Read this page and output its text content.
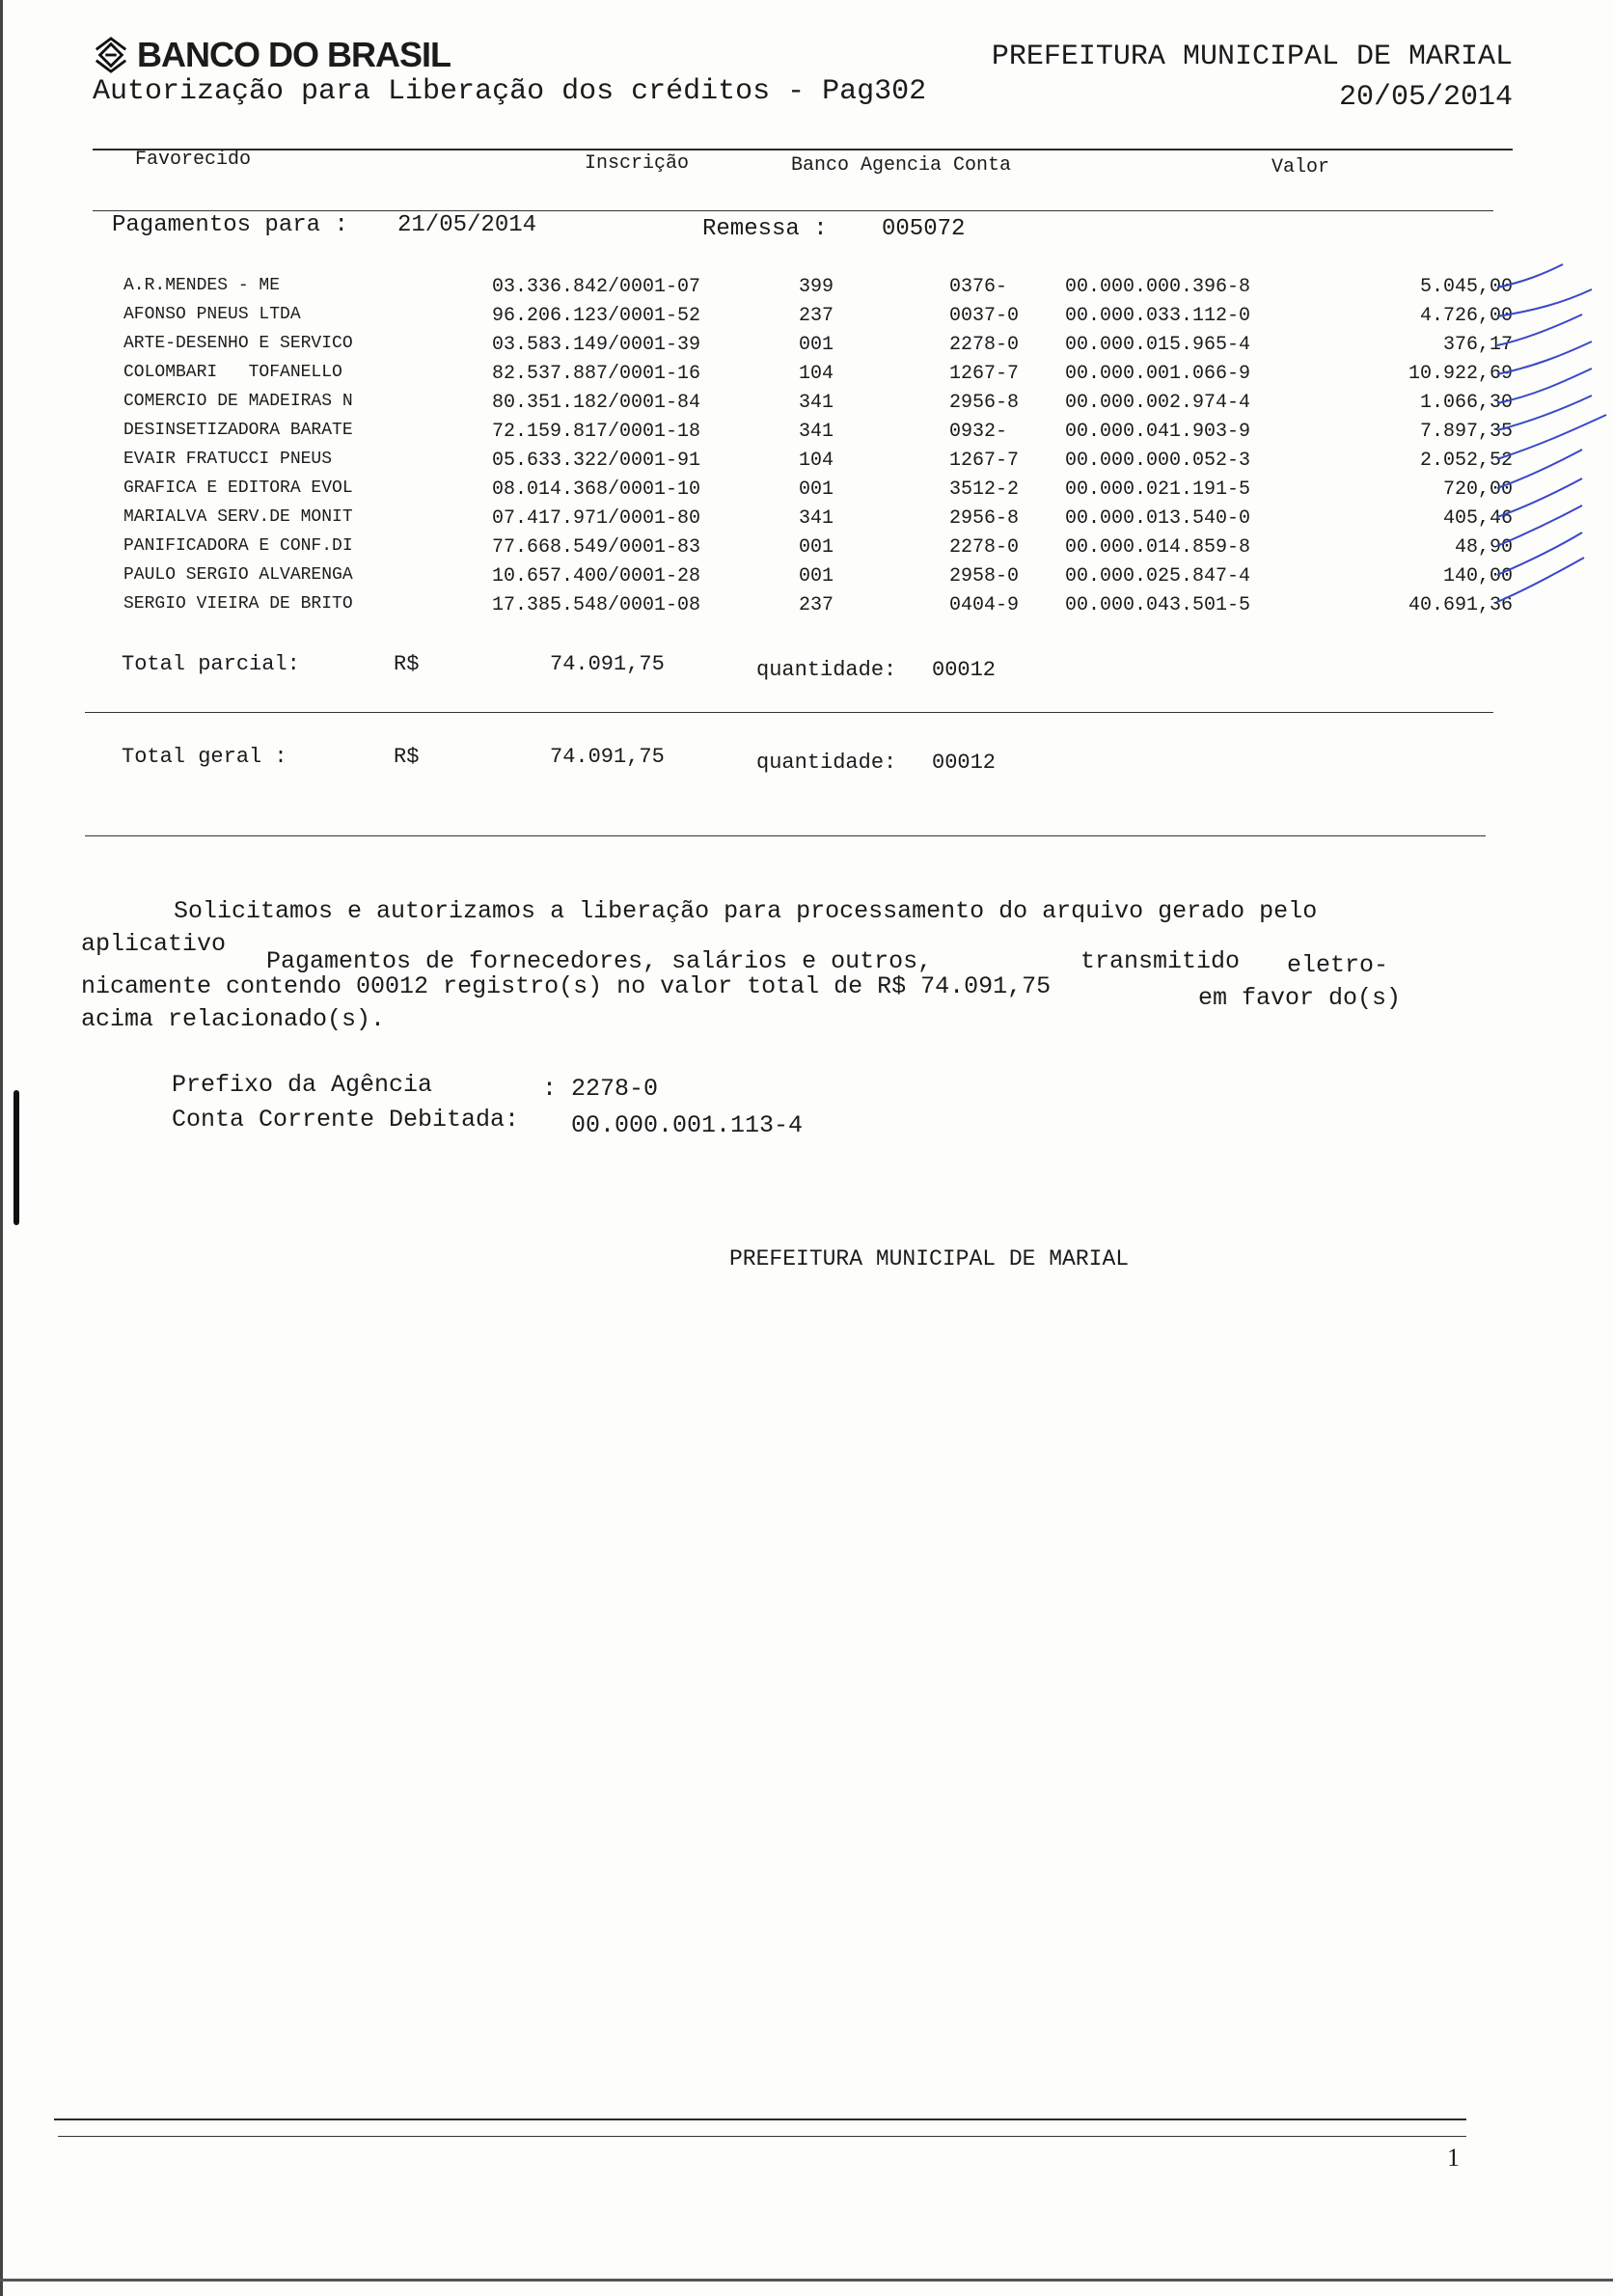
BANCO DO BRASIL
Autorização para Liberação dos créditos - Pag302
PREFEITURA MUNICIPAL DE MARIAL
20/05/2014
Favorecido	Inscrição	Banco Agencia Conta	Valor
Pagamentos para : 21/05/2014	Remessa : 005072
A.R.MENDES - ME	03.336.842/0001-07	399	0376-	00.000.000.396-8	5.045,00
AFONSO PNEUS LTDA	96.206.123/0001-52	237	0037-0 00.000.033.112-0	4.726,00
ARTE-DESENHO E SERVICO	03.583.149/0001-39	001	2278-0 00.000.015.965-4	376,17
COLOMBARI   TOFANELLO	82.537.887/0001-16	104	1267-7 00.000.001.066-9	10.922,69
COMERCIO DE MADEIRAS N	80.351.182/0001-84	341	2956-8 00.000.002.974-4	1.066,30
DESINSETIZADORA BARATE	72.159.817/0001-18	341	0932-	00.000.041.903-9	7.897,35
EVAIR FRATUCCI PNEUS	05.633.322/0001-91	104	1267-7 00.000.000.052-3	2.052,52
GRAFICA E EDITORA EVOL	08.014.368/0001-10	001	3512-2 00.000.021.191-5	720,00
MARIALVA SERV.DE MONIT	07.417.971/0001-80	341	2956-8 00.000.013.540-0	405,46
PANIFICADORA E CONF.DI	77.668.549/0001-83	001	2278-0 00.000.014.859-8	48,90
PAULO SERGIO ALVARENGA	10.657.400/0001-28	001	2958-0 00.000.025.847-4	140,00
SERGIO VIEIRA DE BRITO	17.385.548/0001-08	237	0404-9 00.000.043.501-5	40.691,36
Total parcial:	R$	74.091,75	quantidade: 00012
Total geral :	R$	74.091,75	quantidade: 00012
Solicitamos e autorizamos a liberação para processamento do arquivo gerado pelo
aplicativo
Pagamentos de fornecedores, salários e outros,	transmitido eletro-
nicamente contendo 00012 registro(s) no valor total de R$ 74.091,75	em favor do(s)
acima relacionado(s).
Prefixo da Agência	: 2278-0
Conta Corrente Debitada: 00.000.001.113-4
PREFEITURA MUNICIPAL DE MARIAL
1
